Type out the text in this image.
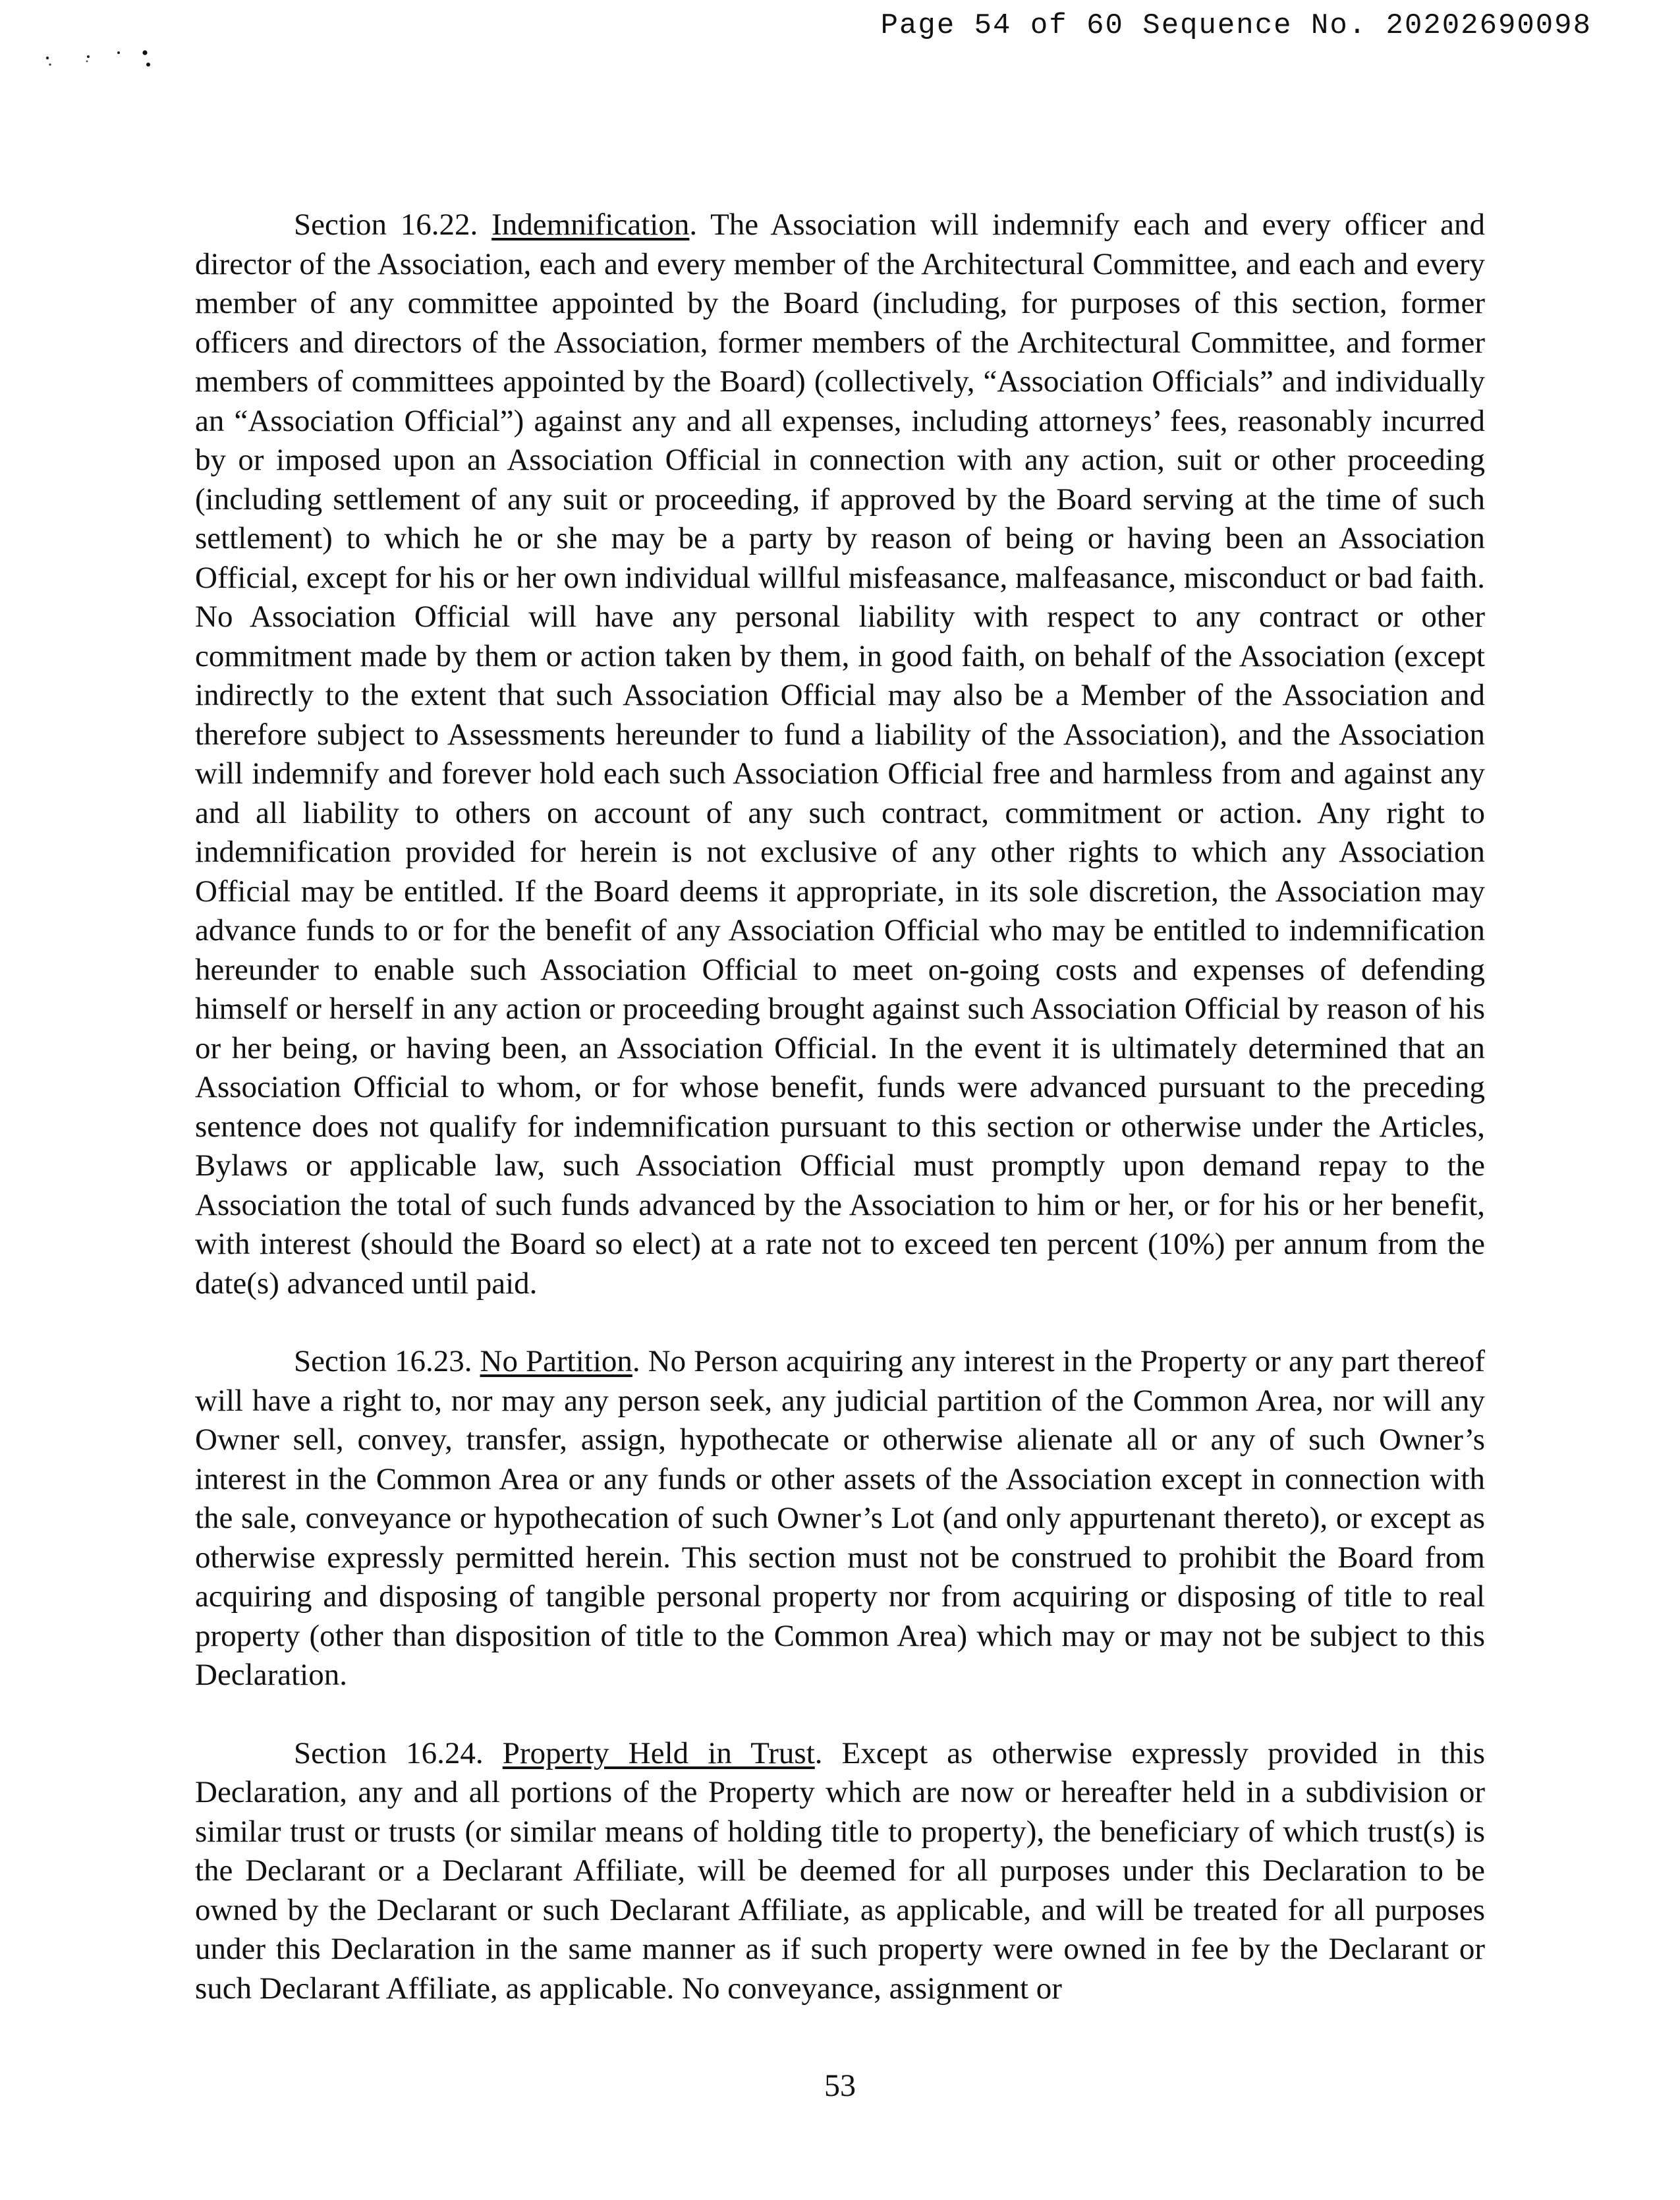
Page 54 of 60 Sequence No. 20202690098

Section 16.22. Indemnification. The Association will indemnify each and every officer and director of the Association, each and every member of the Architectural Committee, and each and every member of any committee appointed by the Board (including, for purposes of this section, former officers and directors of the Association, former members of the Architectural Committee, and former members of committees appointed by the Board) (collectively, “Association Officials” and individually an “Association Official”) against any and all expenses, including attorneys’ fees, reasonably incurred by or imposed upon an Association Official in connection with any action, suit or other proceeding (including settlement of any suit or proceeding, if approved by the Board serving at the time of such settlement) to which he or she may be a party by reason of being or having been an Association Official, except for his or her own individual willful misfeasance, malfeasance, misconduct or bad faith. No Association Official will have any personal liability with respect to any contract or other commitment made by them or action taken by them, in good faith, on behalf of the Association (except indirectly to the extent that such Association Official may also be a Member of the Association and therefore subject to Assessments hereunder to fund a liability of the Association), and the Association will indemnify and forever hold each such Association Official free and harmless from and against any and all liability to others on account of any such contract, commitment or action. Any right to indemnification provided for herein is not exclusive of any other rights to which any Association Official may be entitled. If the Board deems it appropriate, in its sole discretion, the Association may advance funds to or for the benefit of any Association Official who may be entitled to indemnification hereunder to enable such Association Official to meet on-going costs and expenses of defending himself or herself in any action or proceeding brought against such Association Official by reason of his or her being, or having been, an Association Official. In the event it is ultimately determined that an Association Official to whom, or for whose benefit, funds were advanced pursuant to the preceding sentence does not qualify for indemnification pursuant to this section or otherwise under the Articles, Bylaws or applicable law, such Association Official must promptly upon demand repay to the Association the total of such funds advanced by the Association to him or her, or for his or her benefit, with interest (should the Board so elect) at a rate not to exceed ten percent (10%) per annum from the date(s) advanced until paid.

Section 16.23. No Partition. No Person acquiring any interest in the Property or any part thereof will have a right to, nor may any person seek, any judicial partition of the Common Area, nor will any Owner sell, convey, transfer, assign, hypothecate or otherwise alienate all or any of such Owner’s interest in the Common Area or any funds or other assets of the Association except in connection with the sale, conveyance or hypothecation of such Owner’s Lot (and only appurtenant thereto), or except as otherwise expressly permitted herein. This section must not be construed to prohibit the Board from acquiring and disposing of tangible personal property nor from acquiring or disposing of title to real property (other than disposition of title to the Common Area) which may or may not be subject to this Declaration.

Section 16.24. Property Held in Trust. Except as otherwise expressly provided in this Declaration, any and all portions of the Property which are now or hereafter held in a subdivision or similar trust or trusts (or similar means of holding title to property), the beneficiary of which trust(s) is the Declarant or a Declarant Affiliate, will be deemed for all purposes under this Declaration to be owned by the Declarant or such Declarant Affiliate, as applicable, and will be treated for all purposes under this Declaration in the same manner as if such property were owned in fee by the Declarant or such Declarant Affiliate, as applicable. No conveyance, assignment or

53
